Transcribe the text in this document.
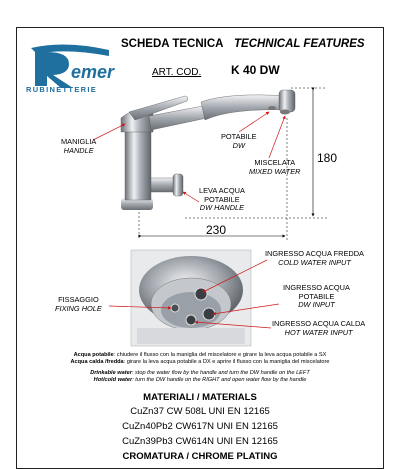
emer
RUBINETTERIE
SCHEDA TECNICA TECHNICAL FEATURES
ART. COD. K 40 DW
MANIGLIA
HANDLE
POTABILE
DW
MISCELATA
MIXED WATER
LEVA ACQUA
POTABILE
DW HANDLE
180
230
INGRESSO ACQUA FREDDA
COLD WATER INPUT
INGRESSO ACQUA
POTABILE
DW INPUT
INGRESSO ACQUA CALDA
HOT WATER INPUT
FISSAGGIO
FIXING HOLE
Acqua potabile: chiudere il flusso con la maniglia del miscelatore e girare la leva acqua potabile a SX
Acqua calda /fredda: girare la leva acqua potabile a DX e aprire il flusso con la maniglia del miscelatore
Drinkable water: stop the water flow by the handle and turn the DW handle on the LEFT
Hot/cold water: turn the DW handle on the RIGHT and open water flow by the handle
MATERIALI / MATERIALS
CuZn37 CW 508L UNI EN 12165
CuZn40Pb2 CW617N UNI EN 12165
CuZn39Pb3 CW614N UNI EN 12165
CROMATURA / CHROME PLATING
